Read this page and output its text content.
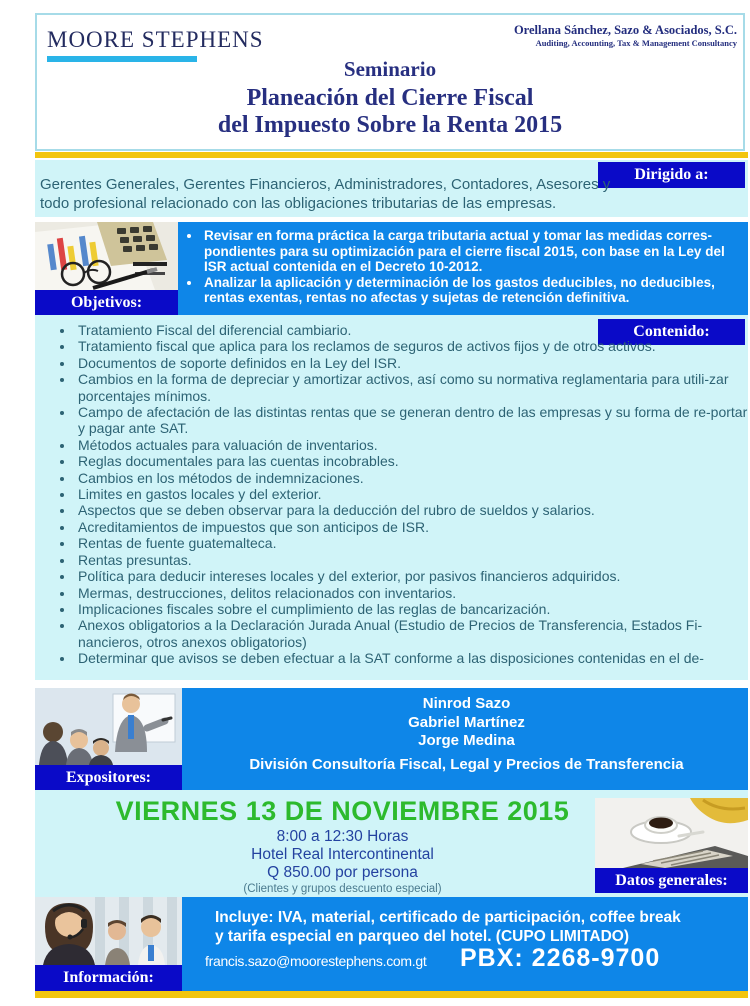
MOORE STEPHENS	Orellana Sánchez, Sazo & Asociados, S.C.
Auditing, Accounting, Tax & Management Consultancy
Seminario
Planeación del Cierre Fiscal
del Impuesto Sobre la Renta 2015
Dirigido a:
Gerentes Generales, Gerentes Financieros, Administradores, Contadores, Asesores y todo profesional relacionado con las obligaciones tributarias de las empresas.
Objetivos:
• Revisar en forma práctica la carga tributaria actual y tomar las medidas corres-pondientes para su optimización para el cierre fiscal 2015, con base en la Ley del ISR actual contenida en el Decreto 10-2012.
• Analizar la aplicación y determinación de los gastos deducibles, no deducibles, rentas exentas, rentas no afectas y sujetas de retención definitiva.
Contenido:
• Tratamiento Fiscal del diferencial cambiario.
• Tratamiento fiscal que aplica para los reclamos de seguros de activos fijos y de otros activos.
• Documentos de soporte definidos en la Ley del ISR.
• Cambios en la forma de depreciar y amortizar activos, así como su normativa reglamentaria para utili-zar porcentajes mínimos.
• Campo de afectación de las distintas rentas que se generan dentro de las empresas y su forma de re-portar y pagar ante SAT.
• Métodos actuales para valuación de inventarios.
• Reglas documentales para las cuentas incobrables.
• Cambios en los métodos de indemnizaciones.
• Limites en gastos locales y del exterior.
• Aspectos que se deben observar para la deducción del rubro de sueldos y salarios.
• Acreditamientos de impuestos que son anticipos de ISR.
• Rentas de fuente guatemalteca.
• Rentas presuntas.
• Política para deducir intereses locales y del exterior, por pasivos financieros adquiridos.
• Mermas, destrucciones, delitos relacionados con inventarios.
• Implicaciones fiscales sobre el cumplimiento de las reglas de bancarización.
• Anexos obligatorios a la Declaración Jurada Anual (Estudio de Precios de Transferencia, Estados Fi-nancieros, otros anexos obligatorios)
• Determinar que avisos se deben efectuar a la SAT conforme a las disposiciones contenidas en el de-
Expositores:
Ninrod Sazo
Gabriel Martínez
Jorge Medina
División Consultoría Fiscal, Legal y Precios de Transferencia
VIERNES 13 DE NOVIEMBRE 2015
8:00 a 12:30 Horas
Hotel Real Intercontinental
Q 850.00 por persona
(Clientes y grupos descuento especial)
Datos generales:
Información:
Incluye: IVA, material, certificado de participación, coffee break
y tarifa especial en parqueo del hotel. (CUPO LIMITADO)
francis.sazo@moorestephens.com.gt PBX: 2268-9700
